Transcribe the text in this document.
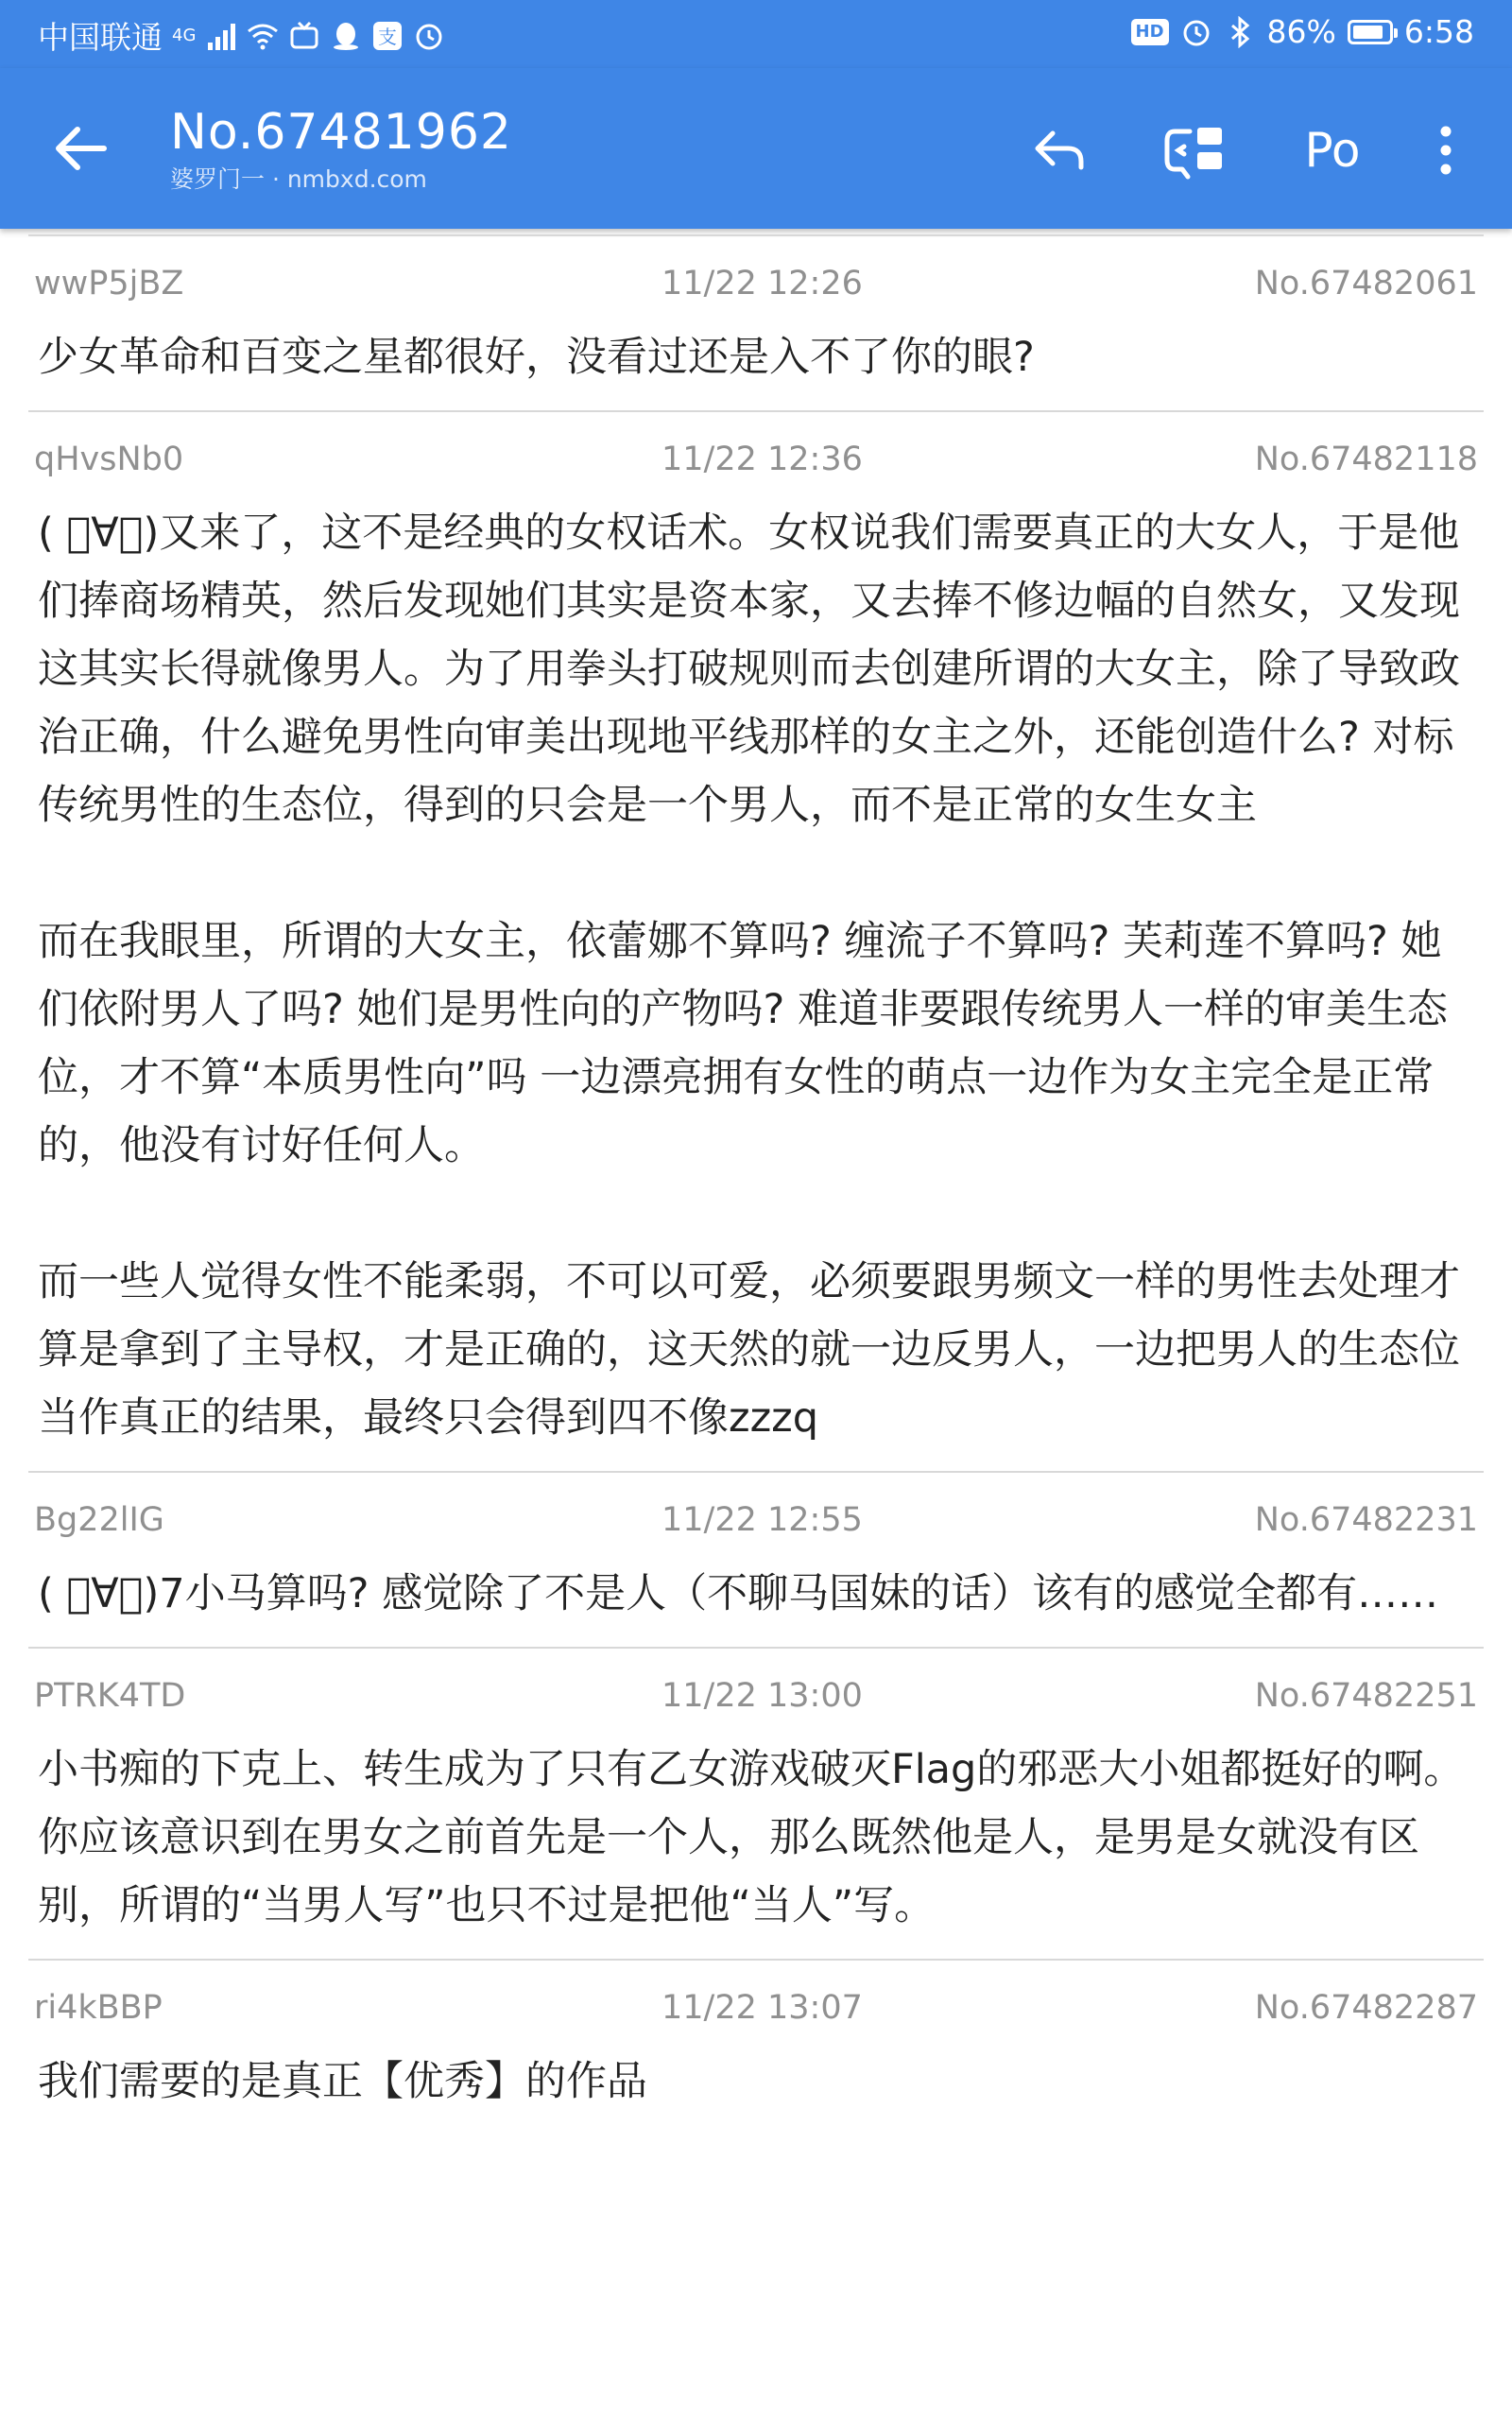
中国联通 4G	支	HD	86% 6:58
No.67481962
婆罗门一 · nmbxd.com
Po
wwP5jBZ	11/22 12:26	No.67482061
少女革命和百变之星都很好，没看过还是入不了你的眼?
qHvsNb0	11/22 12:36	No.67482118
( ﾟ∀。)又来了，这不是经典的女权话术。女权说我们需要真正的大女人，于是他们捧商场精英，然后发现她们其实是资本家，又去捧不修边幅的自然女，又发现这其实长得就像男人。为了用拳头打破规则而去创建所谓的大女主，除了导致政治正确，什么避免男性向审美出现地平线那样的女主之外，还能创造什么? 对标传统男性的生态位，得到的只会是一个男人，而不是正常的女生女主

而在我眼里，所谓的大女主，依蕾娜不算吗? 缠流子不算吗? 芙莉莲不算吗? 她们依附男人了吗? 她们是男性向的产物吗? 难道非要跟传统男人一样的审美生态位，才不算“本质男性向”吗 一边漂亮拥有女性的萌点一边作为女主完全是正常的，他没有讨好任何人。

而一些人觉得女性不能柔弱，不可以可爱，必须要跟男频文一样的男性去处理才算是拿到了主导权，才是正确的，这天然的就一边反男人，一边把男人的生态位当作真正的结果，最终只会得到四不像zzzq
Bg22lIG	11/22 12:55	No.67482231
( ﾟ∀。)7小马算吗? 感觉除了不是人（不聊马国妹的话）该有的感觉全都有……
PTRK4TD	11/22 13:00	No.67482251
小书痴的下克上、转生成为了只有乙女游戏破灭Flag的邪恶大小姐都挺好的啊。你应该意识到在男女之前首先是一个人，那么既然他是人，是男是女就没有区别，所谓的“当男人写”也只不过是把他“当人”写。
ri4kBBP	11/22 13:07	No.67482287
我们需要的是真正【优秀】的作品
